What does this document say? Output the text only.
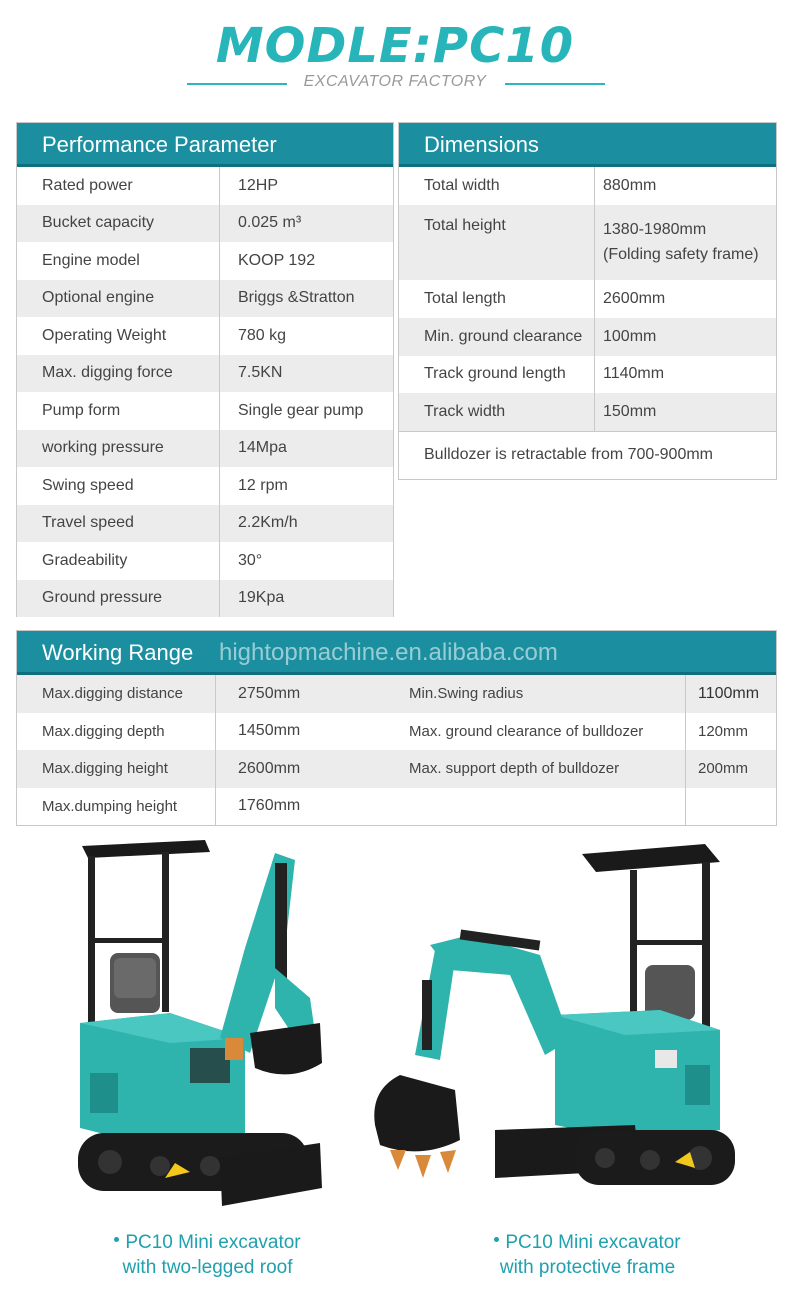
MODLE:PC10
EXCAVATOR FACTORY
Performance Parameter
Rated power	12HP
Bucket capacity	0.025 m³
Engine model	KOOP 192
Optional engine	Briggs &Stratton
Operating Weight	780 kg
Max. digging force	7.5KN
Pump form	Single gear pump
working pressure	14Mpa
Swing speed	12 rpm
Travel speed	2.2Km/h
Gradeability	30°
Ground pressure	19Kpa
Dimensions
Total width	880mm
Total height	1380-1980mm
(Folding safety frame)
Total length	2600mm
Min. ground clearance	100mm
Track ground length	1140mm
Track width	150mm
Bulldozer is retractable from 700-900mm
Working Range hightopmachine.en.alibaba.com
Max.digging distance	2750mm	Min.Swing radius	1100mm
Max.digging depth	1450mm	Max. ground clearance of bulldozer	120mm
Max.digging height	2600mm	Max. support depth of bulldozer	200mm
Max.dumping height	1760mm
PC10 Mini excavator
with two-legged roof
PC10 Mini excavator
with protective frame
